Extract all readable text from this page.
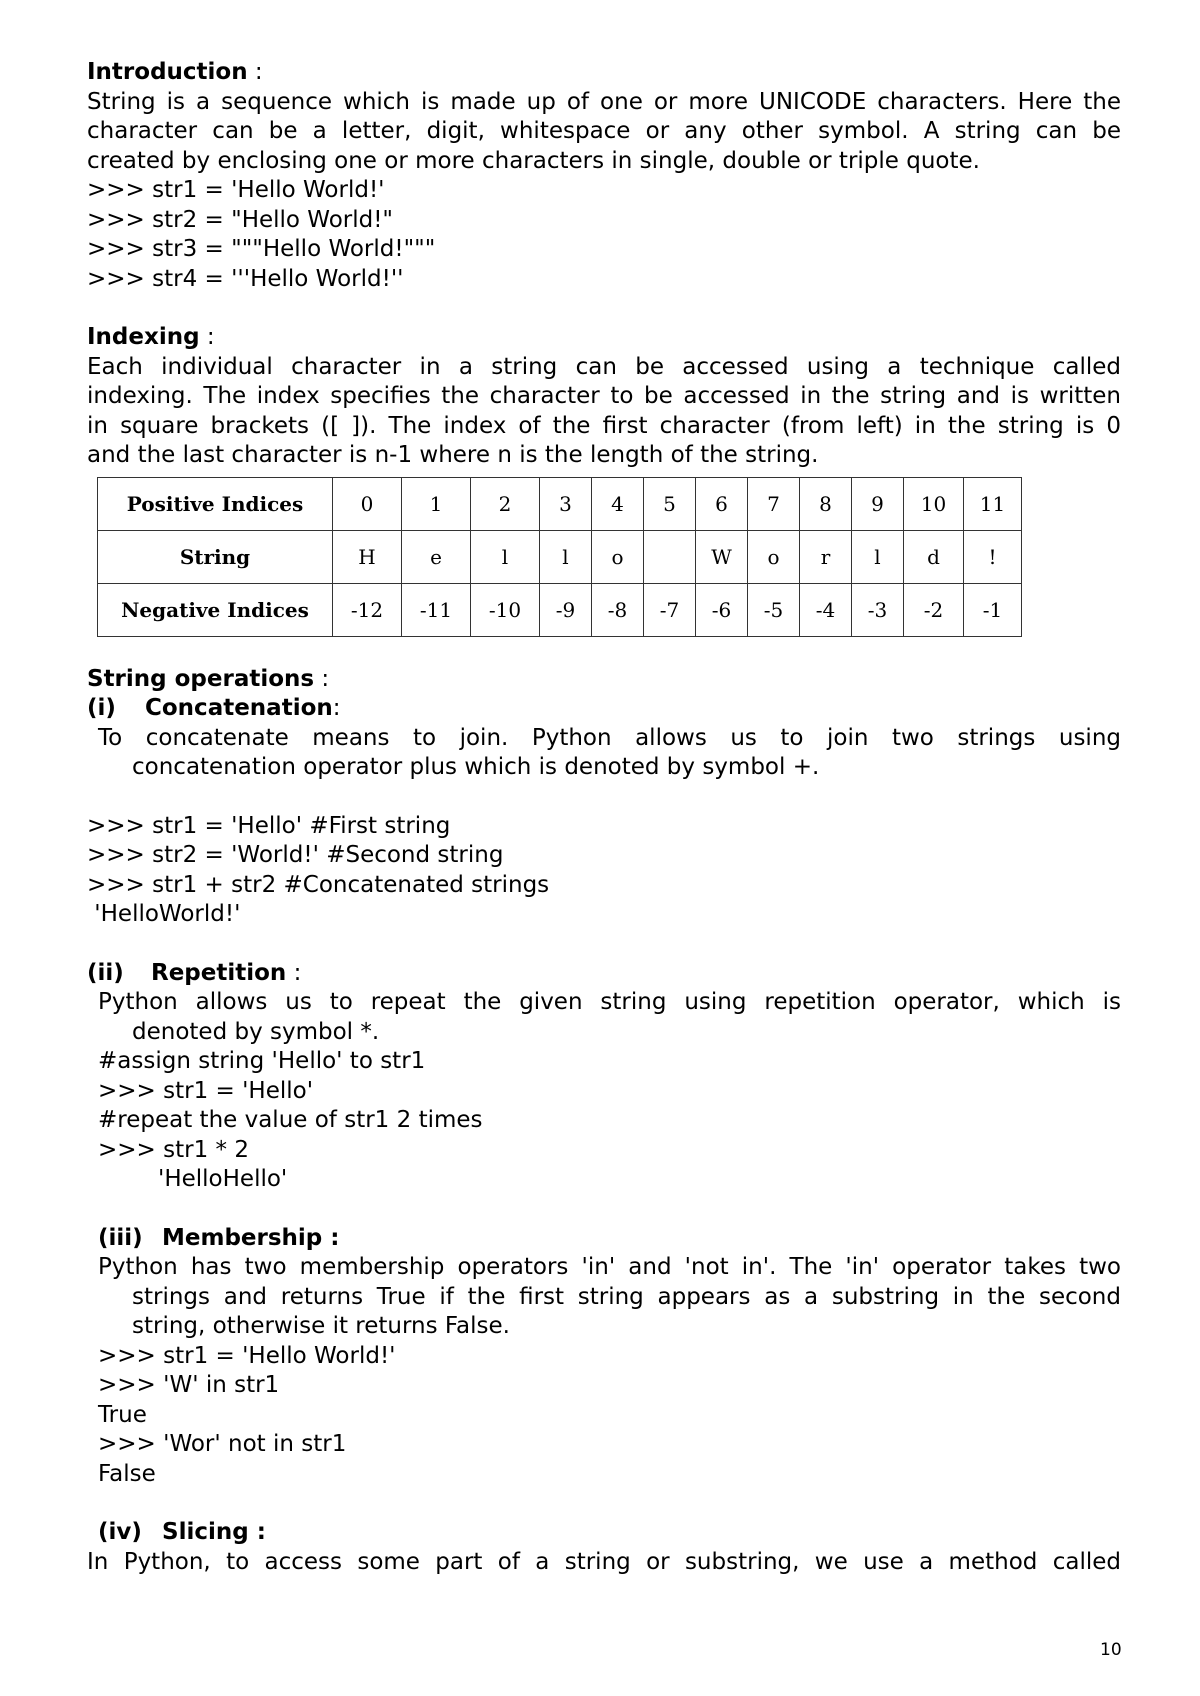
Introduction :

String is a sequence which is made up of one or more UNICODE characters. Here the

character can be a letter, digit, whitespace or any other symbol. A string can be

created by enclosing one or more characters in single, double or triple quote.

>>> str1 = 'Hello World!'

>>> str2 = "Hello World!"

>>> str3 = """Hello World!"""

>>> str4 = '''Hello World!''

Indexing :

Each individual character in a string can be accessed using a technique called

indexing. The index specifies the character to be accessed in the string and is written

in square brackets ([ ]). The index of the first character (from left) in the string is 0

and the last character is n-1 where n is the length of the string.

Positive Indices	0	1	2	3	4	5	6	7	8	9	10	11
String	H	e	l	l	o		W	o	r	l	d	!
Negative Indices	-12	-11	-10	-9	-8	-7	-6	-5	-4	-3	-2	-1

String operations :

(i) Concatenation:

To concatenate means to join. Python allows us to join two strings using

concatenation operator plus which is denoted by symbol +.

>>> str1 = 'Hello' #First string

>>> str2 = 'World!' #Second string

>>> str1 + str2 #Concatenated strings

'HelloWorld!'

(ii) Repetition :

Python allows us to repeat the given string using repetition operator, which is

denoted by symbol *.

#assign string 'Hello' to str1

>>> str1 = 'Hello'

#repeat the value of str1 2 times

>>> str1 * 2

'HelloHello'

(iii) Membership :

Python has two membership operators 'in' and 'not in'. The 'in' operator takes two

strings and returns True if the first string appears as a substring in the second

string, otherwise it returns False.

>>> str1 = 'Hello World!'

>>> 'W' in str1

True

>>> 'Wor' not in str1

False

(iv) Slicing :

In Python, to access some part of a string or substring, we use a method called

10
